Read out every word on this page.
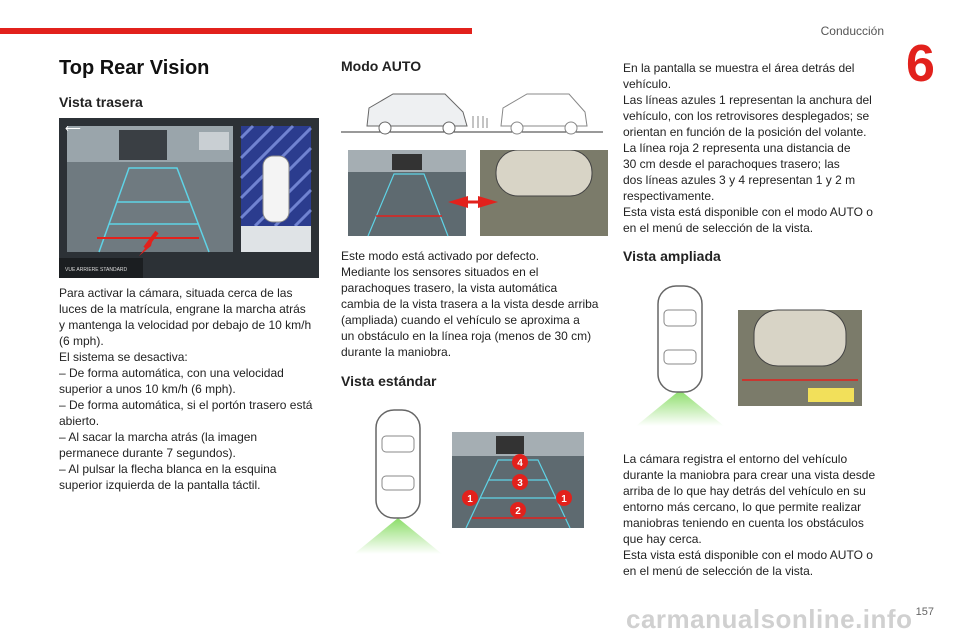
Conducción
6
Top Rear Vision
Vista trasera
⟵
VUE ARRIERE STANDARD
Para activar la cámara, situada cerca de las
luces de la matrícula, engrane la marcha atrás
y mantenga la velocidad por debajo de 10 km/h
(6 mph).
El sistema se desactiva:
– De forma automática, con una velocidad
superior a unos 10 km/h (6 mph).
– De forma automática, si el portón trasero está
abierto.
– Al sacar la marcha atrás (la imagen
permanece durante 7 segundos).
– Al pulsar la flecha blanca en la esquina
superior izquierda de la pantalla táctil.
Modo AUTO
Este modo está activado por defecto.
Mediante los sensores situados en el
parachoques trasero, la vista automática
cambia de la vista trasera a la vista desde arriba
(ampliada) cuando el vehículo se aproxima a
un obstáculo en la línea roja (menos de 30 cm)
durante la maniobra.
Vista estándar
4
3
1	1
2
En la pantalla se muestra el área detrás del
vehículo.
Las líneas azules 1 representan la anchura del
vehículo, con los retrovisores desplegados; se
orientan en función de la posición del volante.
La línea roja 2 representa una distancia de
30 cm desde el parachoques trasero; las
dos líneas azules 3 y 4 representan 1 y 2 m
respectivamente.
Esta vista está disponible con el modo AUTO o
en el menú de selección de la vista.
Vista ampliada
La cámara registra el entorno del vehículo
durante la maniobra para crear una vista desde
arriba de lo que hay detrás del vehículo en su
entorno más cercano, lo que permite realizar
maniobras teniendo en cuenta los obstáculos
que hay cerca.
Esta vista está disponible con el modo AUTO o
en el menú de selección de la vista.
carmanualsonline.info 157
